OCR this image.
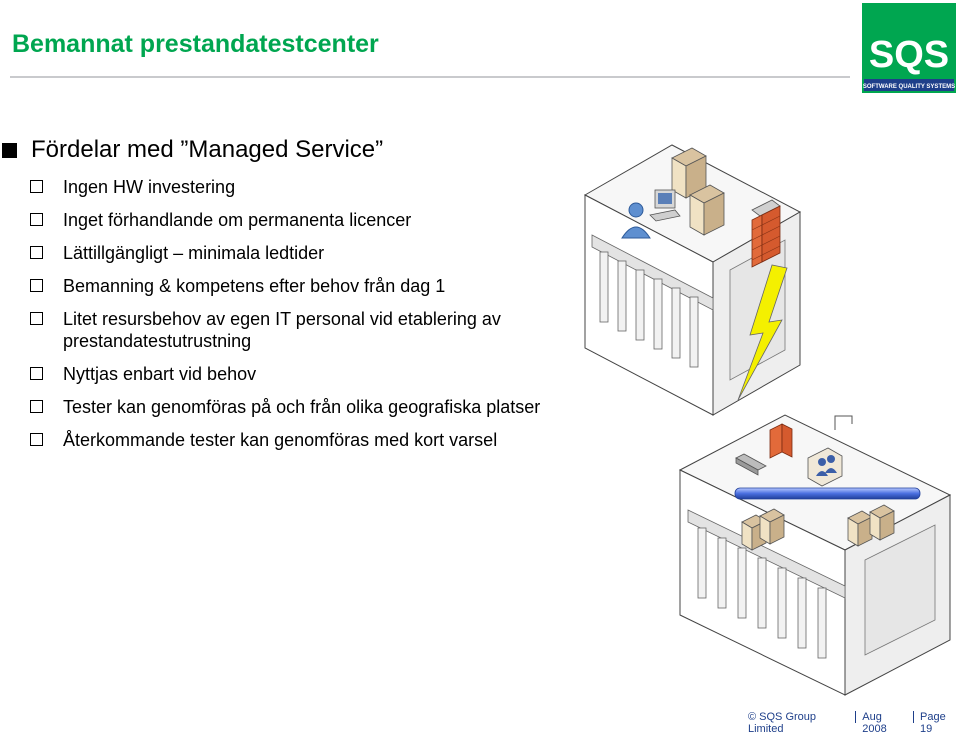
Bemannat prestandatestcenter	SQS
SOFTWARE QUALITY SYSTEMS
Fördelar med ”Managed Service”
Ingen HW investering
Inget förhandlande om permanenta licencer
Lättillgängligt – minimala ledtider
Bemanning & kompetens efter behov från dag 1
Litet resursbehov av egen IT personal vid etablering av prestandatestutrustning
Nyttjas enbart vid behov
Tester kan genomföras på och från olika geografiska platser
Återkommande tester kan genomföras med kort varsel
© SQS Group Limited
Aug 2008
Page 19
